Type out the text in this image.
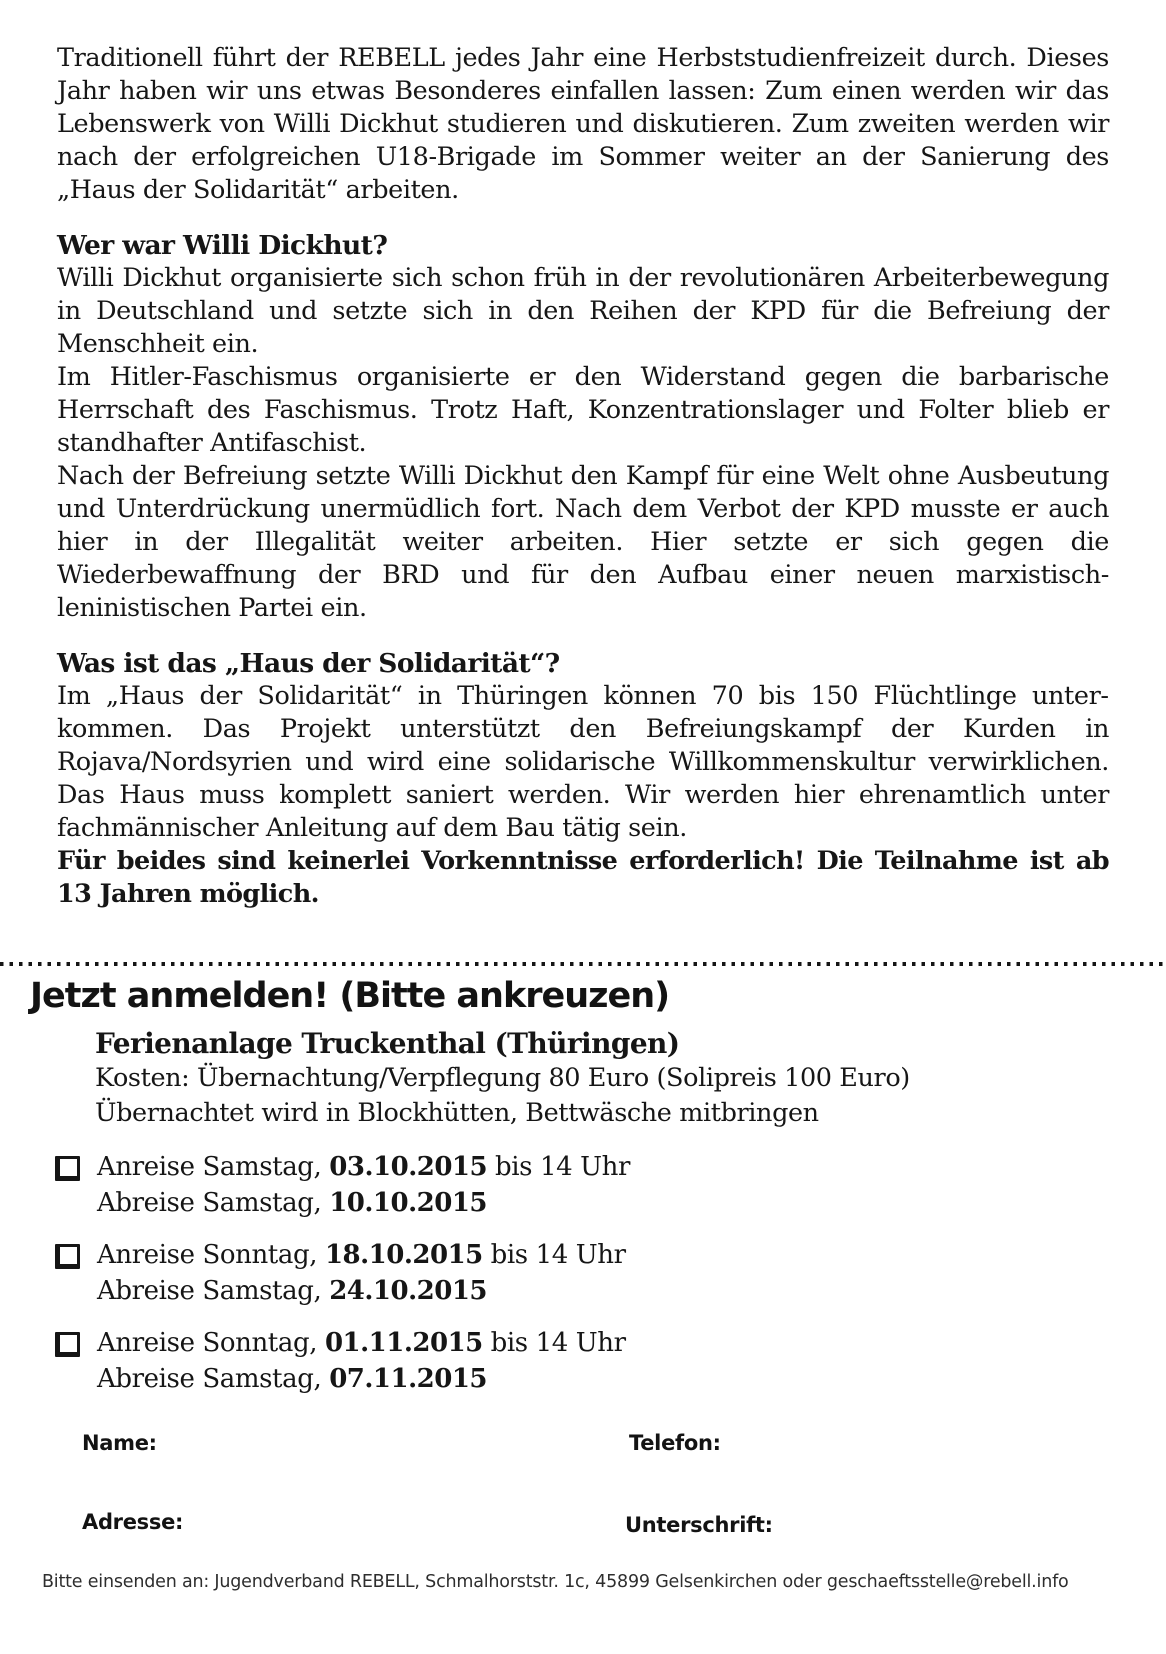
Traditionell führt der REBELL jedes Jahr eine Herbststudienfreizeit durch. Dieses Jahr haben wir uns etwas Besonderes einfallen lassen: Zum einen werden wir das Lebenswerk von Willi Dickhut studieren und diskutieren. Zum zweiten werden wir nach der erfolgreichen U18-Brigade im Sommer weiter an der Sanierung des „Haus der Solidarität“ arbeiten.

Wer war Willi Dickhut?

Willi Dickhut organisierte sich schon früh in der revolutionären Arbeiterbewegung in Deutschland und setzte sich in den Reihen der KPD für die Befreiung der Menschheit ein.

Im Hitler-Faschismus organisierte er den Widerstand gegen die barbarische Herrschaft des Faschismus. Trotz Haft, Konzentrationslager und Folter blieb er standhafter Antifaschist.

Nach der Befreiung setzte Willi Dickhut den Kampf für eine Welt ohne Ausbeutung und Unterdrückung unermüdlich fort. Nach dem Verbot der KPD musste er auch hier in der Illegalität weiter arbeiten. Hier setzte er sich gegen die Wiederbewaffnung der BRD und für den Aufbau einer neuen marxistisch-leninistischen Partei ein.

Was ist das „Haus der Solidarität“?

Im „Haus der Solidarität“ in Thüringen können 70 bis 150 Flüchtlinge unterkommen. Das Projekt unterstützt den Befreiungskampf der Kurden in Rojava/Nordsyrien und wird eine solidarische Willkommenskultur verwirklichen. Das Haus muss komplett saniert werden. Wir werden hier ehrenamtlich unter fachmännischer Anleitung auf dem Bau tätig sein.

Für beides sind keinerlei Vorkenntnisse erforderlich! Die Teilnahme ist ab 13 Jahren möglich.

Jetzt anmelden! (Bitte ankreuzen)
Ferienanlage Truckenthal (Thüringen)
Kosten: Übernachtung/Verpflegung 80 Euro (Solipreis 100 Euro)
Übernachtet wird in Blockhütten, Bettwäsche mitbringen
Anreise Samstag, 03.10.2015 bis 14 Uhr
Abreise Samstag, 10.10.2015
Anreise Sonntag, 18.10.2015 bis 14 Uhr
Abreise Samstag, 24.10.2015
Anreise Sonntag, 01.11.2015 bis 14 Uhr
Abreise Samstag, 07.11.2015
Name:	Telefon:
Adresse:	Unterschrift:
Bitte einsenden an: Jugendverband REBELL, Schmalhorststr. 1c, 45899 Gelsenkirchen oder geschaeftsstelle@rebell.info
